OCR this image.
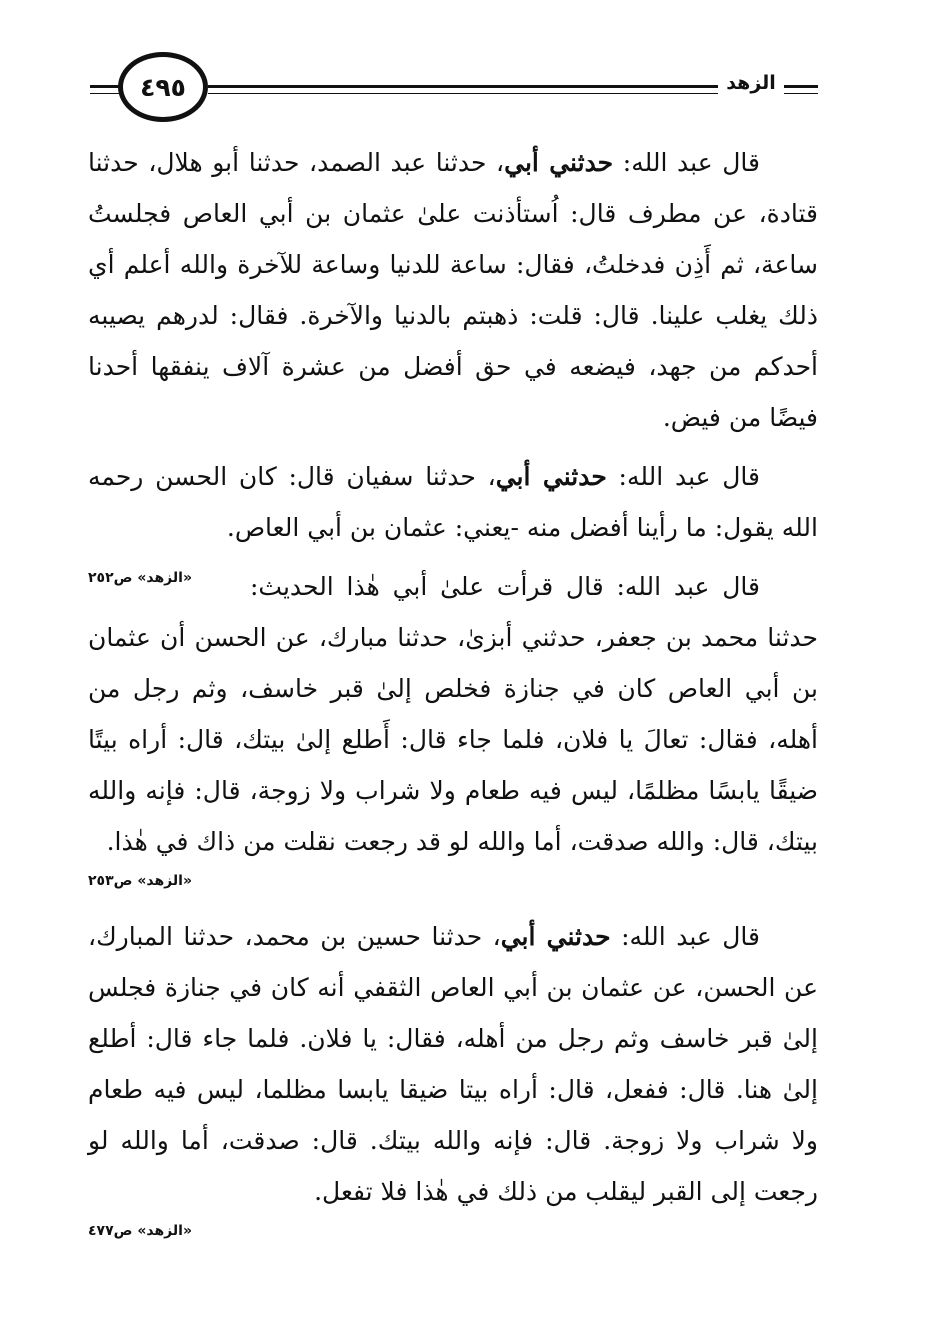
٤٩٥	الزهد

قال عبد الله: حدثني أبي، حدثنا عبد الصمد، حدثنا أبو هلال، حدثنا قتادة، عن مطرف قال: اُستأذنت علىٰ عثمان بن أبي العاص فجلستُ ساعة، ثم أَذِن فدخلتُ، فقال: ساعة للدنيا وساعة للآخرة والله أعلم أي ذلك يغلب علينا. قال: قلت: ذهبتم بالدنيا والآخرة. فقال: لدرهم يصيبه أحدكم من جهد، فيضعه في حق أفضل من عشرة آلاف ينفقها أحدنا فيضًا من فيض.

قال عبد الله: حدثني أبي، حدثنا سفيان قال: كان الحسن رحمه الله يقول: ما رأينا أفضل منه -يعني: عثمان بن أبي العاص.
«الزهد» ص٢٥٢	قال عبد الله: قال قرأت علىٰ أبي هٰذا الحديث: حدثنا محمد بن جعفر، حدثني أبزىٰ، حدثنا مبارك، عن الحسن أن عثمان بن أبي العاص كان في جنازة فخلص إلىٰ قبر خاسف، وثم رجل من أهله، فقال: تعالَ يا فلان، فلما جاء قال: أَطلع إلىٰ بيتك، قال: أراه بيتًا ضيقًا يابسًا مظلمًا، ليس فيه طعام ولا شراب ولا زوجة، قال: فإنه والله بيتك، قال: والله صدقت، أما والله لو قد رجعت نقلت من ذاك في هٰذا.

«الزهد» ص٢٥٣

قال عبد الله: حدثني أبي، حدثنا حسين بن محمد، حدثنا المبارك، عن الحسن، عن عثمان بن أبي العاص الثقفي أنه كان في جنازة فجلس إلىٰ قبر خاسف وثم رجل من أهله، فقال: يا فلان. فلما جاء قال: أطلع إلىٰ هنا. قال: ففعل، قال: أراه بيتا ضيقا يابسا مظلما، ليس فيه طعام ولا شراب ولا زوجة. قال: فإنه والله بيتك. قال: صدقت، أما والله لو رجعت إلى القبر ليقلب من ذلك في هٰذا فلا تفعل.

«الزهد» ص٤٧٧
